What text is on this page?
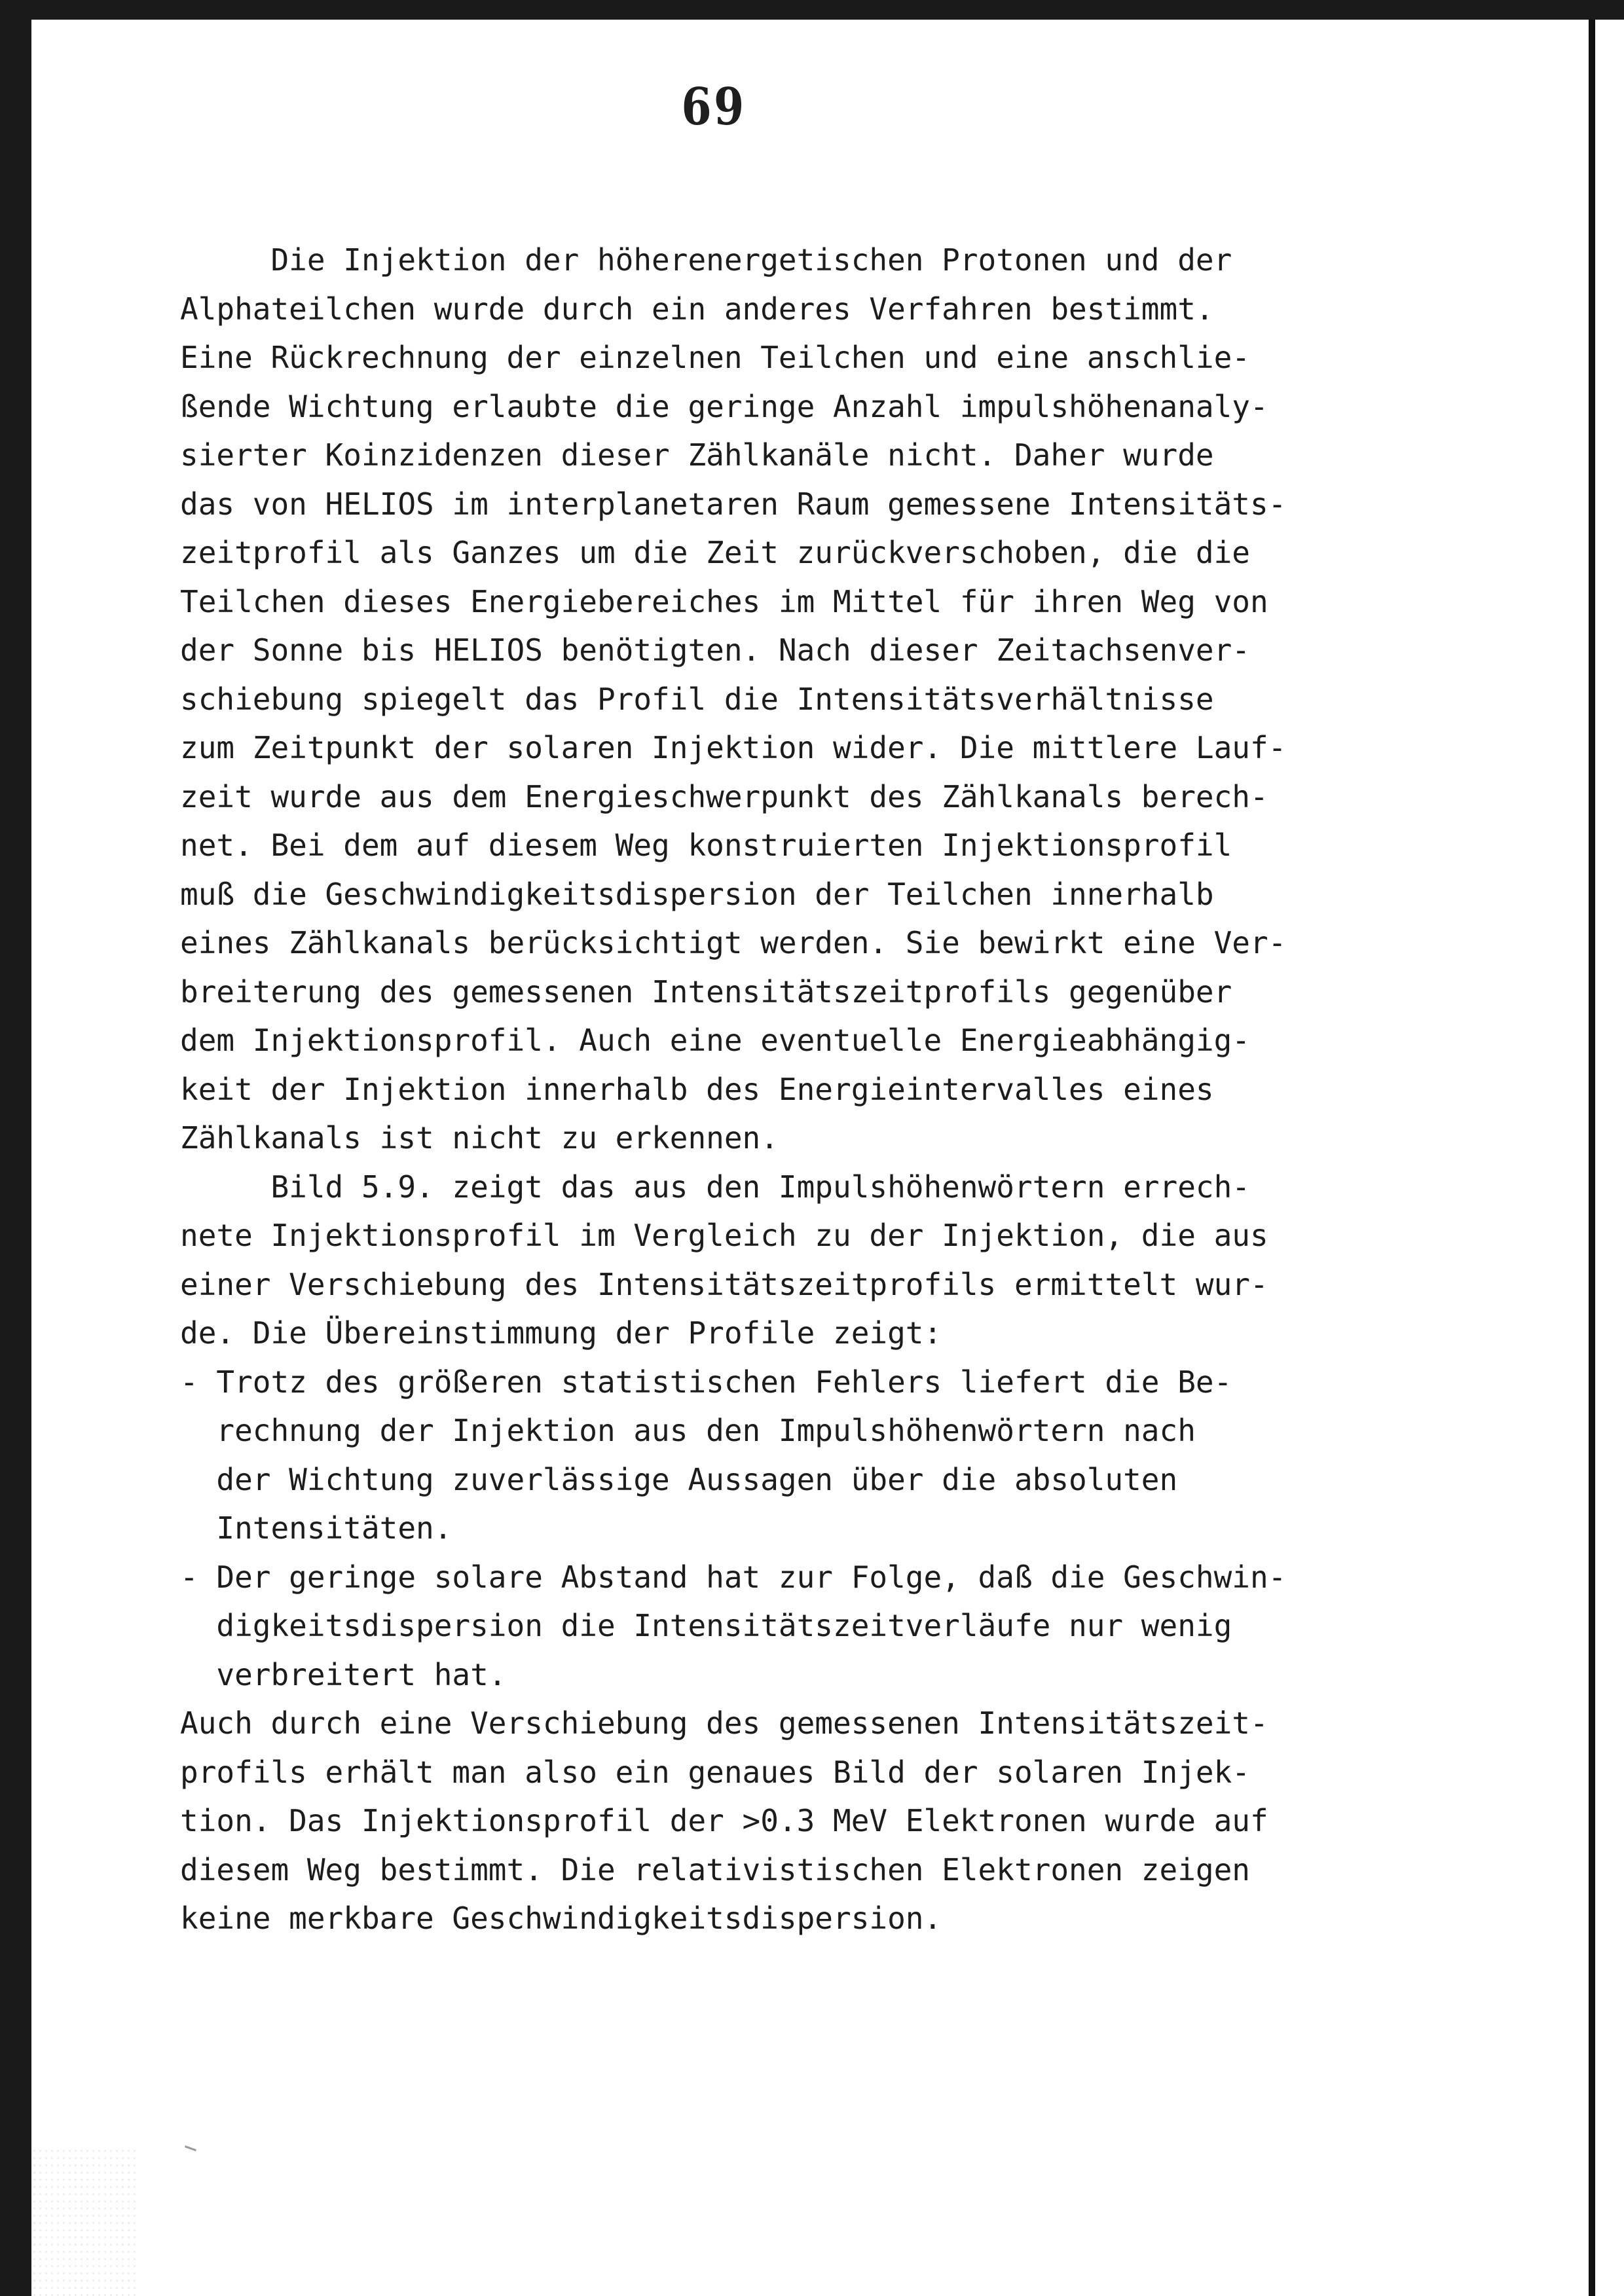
69
Die Injektion der höherenergetischen Protonen und der
Alphateilchen wurde durch ein anderes Verfahren bestimmt.
Eine Rückrechnung der einzelnen Teilchen und eine anschlie-
ßende Wichtung erlaubte die geringe Anzahl impulshöhenanaly-
sierter Koinzidenzen dieser Zählkanäle nicht. Daher wurde
das von HELIOS im interplanetaren Raum gemessene Intensitäts-
zeitprofil als Ganzes um die Zeit zurückverschoben, die die
Teilchen dieses Energiebereiches im Mittel für ihren Weg von
der Sonne bis HELIOS benötigten. Nach dieser Zeitachsenver-
schiebung spiegelt das Profil die Intensitätsverhältnisse
zum Zeitpunkt der solaren Injektion wider. Die mittlere Lauf-
zeit wurde aus dem Energieschwerpunkt des Zählkanals berech-
net. Bei dem auf diesem Weg konstruierten Injektionsprofil
muß die Geschwindigkeitsdispersion der Teilchen innerhalb
eines Zählkanals berücksichtigt werden. Sie bewirkt eine Ver-
breiterung des gemessenen Intensitätszeitprofils gegenüber
dem Injektionsprofil. Auch eine eventuelle Energieabhängig-
keit der Injektion innerhalb des Energieintervalles eines
Zählkanals ist nicht zu erkennen.
Bild 5.9. zeigt das aus den Impulshöhenwörtern errech-
nete Injektionsprofil im Vergleich zu der Injektion, die aus
einer Verschiebung des Intensitätszeitprofils ermittelt wur-
de. Die Übereinstimmung der Profile zeigt:
- Trotz des größeren statistischen Fehlers liefert die Be-
rechnung der Injektion aus den Impulshöhenwörtern nach
der Wichtung zuverlässige Aussagen über die absoluten
Intensitäten.
- Der geringe solare Abstand hat zur Folge, daß die Geschwin-
digkeitsdispersion die Intensitätszeitverläufe nur wenig
verbreitert hat.
Auch durch eine Verschiebung des gemessenen Intensitätszeit-
profils erhält man also ein genaues Bild der solaren Injek-
tion. Das Injektionsprofil der >0.3 MeV Elektronen wurde auf
diesem Weg bestimmt. Die relativistischen Elektronen zeigen
keine merkbare Geschwindigkeitsdispersion.
